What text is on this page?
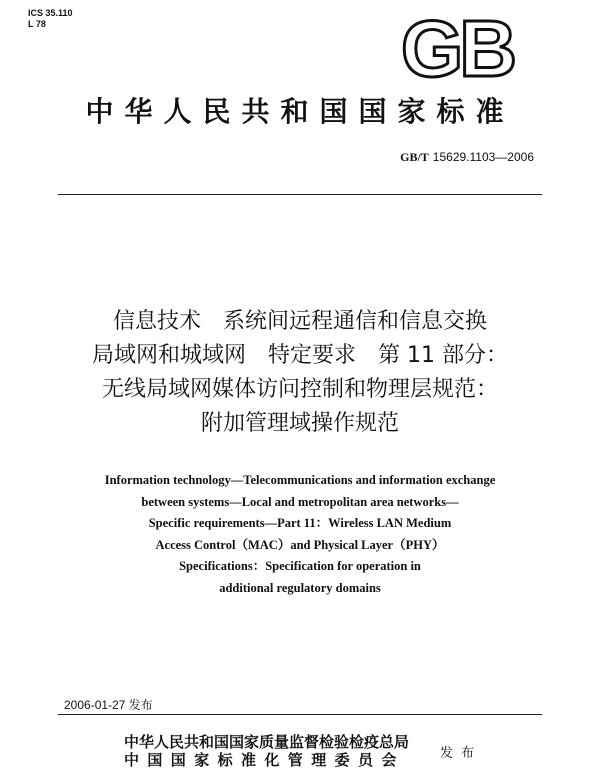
ICS 35.110
L 78	GB
中华人民共和国国家标准
GB/T 15629.1103—2006
信息技术　系统间远程通信和信息交换
局域网和城域网　特定要求　第 11 部分：
无线局域网媒体访问控制和物理层规范：
附加管理域操作规范
Information technology—Telecommunications and information exchange
between systems—Local and metropolitan area networks—
Specific requirements—Part 11：Wireless LAN Medium
Access Control（MAC）and Physical Layer（PHY）
Specifications：Specification for operation in
additional regulatory domains
2006-01-27 发布
中华人民共和国国家质量监督检验检疫总局
中国国家标准化管理委员会	发布
